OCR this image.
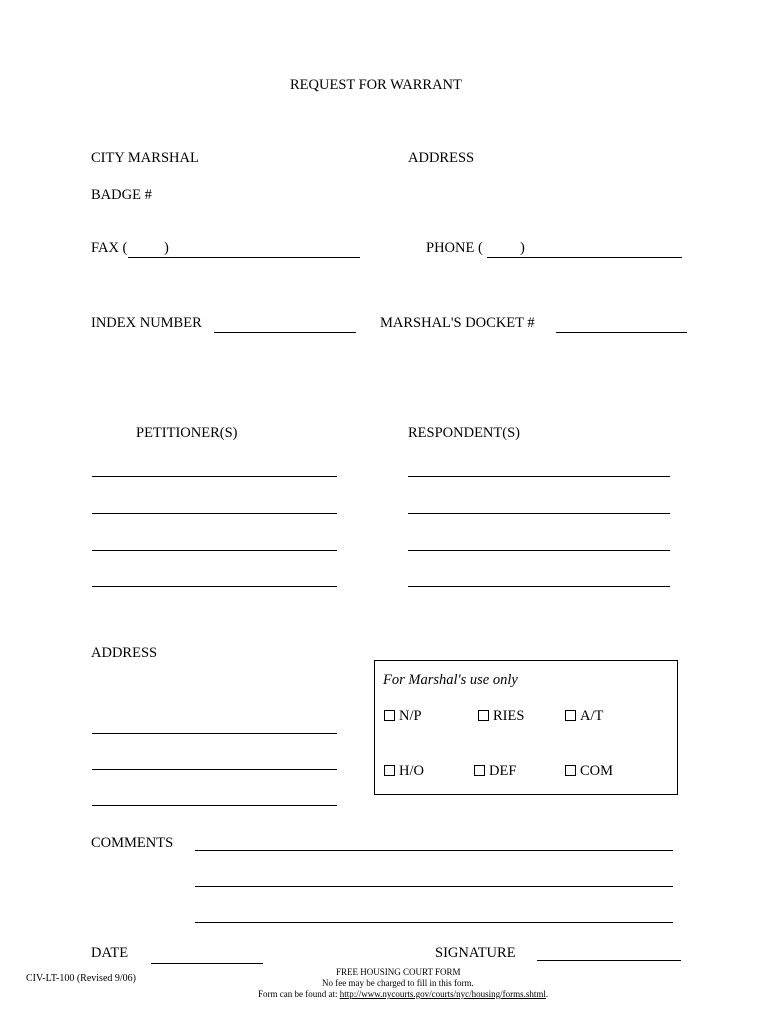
REQUEST FOR WARRANT
CITY MARSHAL	ADDRESS
BADGE #
FAX (	)	PHONE (	)
INDEX NUMBER	MARSHAL'S DOCKET #
PETITIONER(S)	RESPONDENT(S)
ADDRESS
For Marshal's use only
N/P	RIES	A/T
H/O	DEF	COM
COMMENTS
DATE	SIGNATURE
CIV-LT-100 (Revised 9/06)
FREE HOUSING COURT FORM
No fee may be charged to fill in this form.
Form can be found at: http://www.nycourts.gov/courts/nyc/housing/forms.shtml.
